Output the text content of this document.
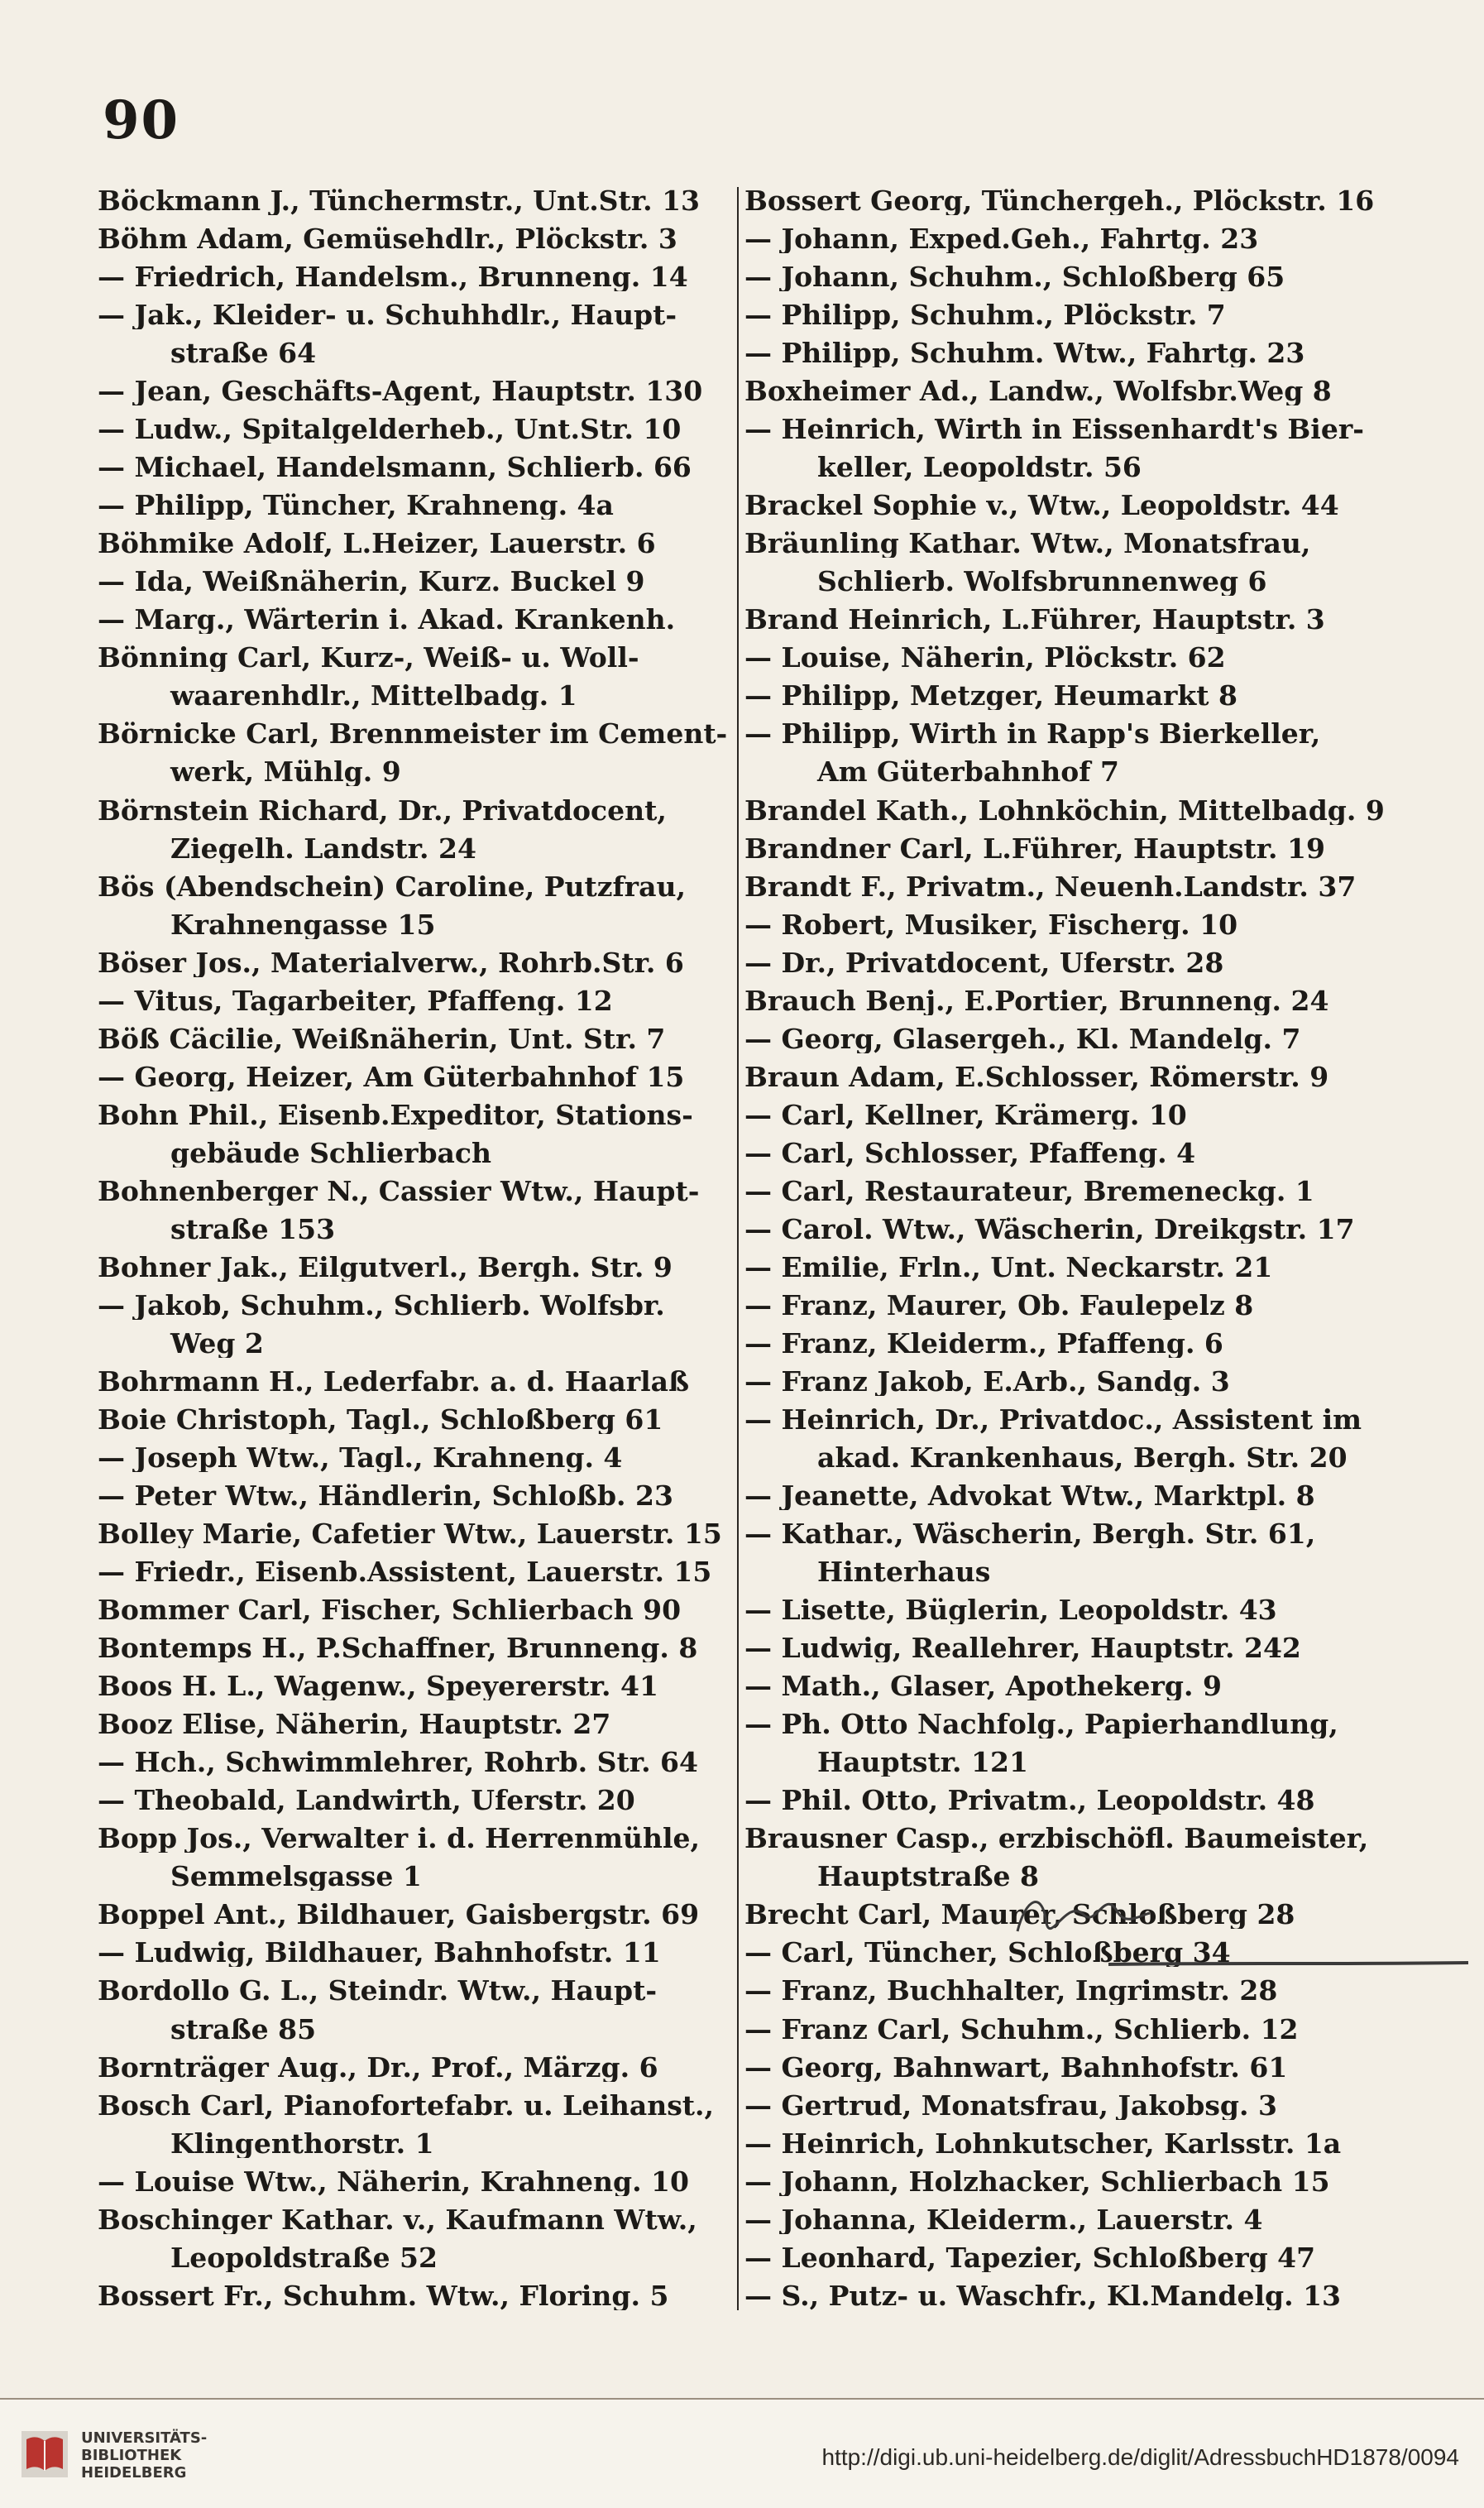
90
Böckmann J., Tünchermstr., Unt.Str. 13
Böhm Adam, Gemüsehdlr., Plöckstr. 3
— Friedrich, Handelsm., Brunneng. 14
— Jak., Kleider- u. Schuhhdlr., Haupt-
straße 64
— Jean, Geschäfts-Agent, Hauptstr. 130
— Ludw., Spitalgelderheb., Unt.Str. 10
— Michael, Handelsmann, Schlierb. 66
— Philipp, Tüncher, Krahneng. 4a
Böhmike Adolf, L.Heizer, Lauerstr. 6
— Ida, Weißnäherin, Kurz. Buckel 9
— Marg., Wärterin i. Akad. Krankenh.
Bönning Carl, Kurz-, Weiß- u. Woll-
waarenhdlr., Mittelbadg. 1
Börnicke Carl, Brennmeister im Cement-
werk, Mühlg. 9
Börnstein Richard, Dr., Privatdocent,
Ziegelh. Landstr. 24
Bös (Abendschein) Caroline, Putzfrau,
Krahnengasse 15
Böser Jos., Materialverw., Rohrb.Str. 6
— Vitus, Tagarbeiter, Pfaffeng. 12
Böß Cäcilie, Weißnäherin, Unt. Str. 7
— Georg, Heizer, Am Güterbahnhof 15
Bohn Phil., Eisenb.Expeditor, Stations-
gebäude Schlierbach
Bohnenberger N., Cassier Wtw., Haupt-
straße 153
Bohner Jak., Eilgutverl., Bergh. Str. 9
— Jakob, Schuhm., Schlierb. Wolfsbr.
Weg 2
Bohrmann H., Lederfabr. a. d. Haarlaß
Boie Christoph, Tagl., Schloßberg 61
— Joseph Wtw., Tagl., Krahneng. 4
— Peter Wtw., Händlerin, Schloßb. 23
Bolley Marie, Cafetier Wtw., Lauerstr. 15
— Friedr., Eisenb.Assistent, Lauerstr. 15
Bommer Carl, Fischer, Schlierbach 90
Bontemps H., P.Schaffner, Brunneng. 8
Boos H. L., Wagenw., Speyererstr. 41
Booz Elise, Näherin, Hauptstr. 27
— Hch., Schwimmlehrer, Rohrb. Str. 64
— Theobald, Landwirth, Uferstr. 20
Bopp Jos., Verwalter i. d. Herrenmühle,
Semmelsgasse 1
Boppel Ant., Bildhauer, Gaisbergstr. 69
— Ludwig, Bildhauer, Bahnhofstr. 11
Bordollo G. L., Steindr. Wtw., Haupt-
straße 85
Bornträger Aug., Dr., Prof., Märzg. 6
Bosch Carl, Pianofortefabr. u. Leihanst.,
Klingenthorstr. 1
— Louise Wtw., Näherin, Krahneng. 10
Boschinger Kathar. v., Kaufmann Wtw.,
Leopoldstraße 52
Bossert Fr., Schuhm. Wtw., Floring. 5
Bossert Georg, Tünchergeh., Plöckstr. 16
— Johann, Exped.Geh., Fahrtg. 23
— Johann, Schuhm., Schloßberg 65
— Philipp, Schuhm., Plöckstr. 7
— Philipp, Schuhm. Wtw., Fahrtg. 23
Boxheimer Ad., Landw., Wolfsbr.Weg 8
— Heinrich, Wirth in Eissenhardt's Bier-
keller, Leopoldstr. 56
Brackel Sophie v., Wtw., Leopoldstr. 44
Bräunling Kathar. Wtw., Monatsfrau,
Schlierb. Wolfsbrunnenweg 6
Brand Heinrich, L.Führer, Hauptstr. 3
— Louise, Näherin, Plöckstr. 62
— Philipp, Metzger, Heumarkt 8
— Philipp, Wirth in Rapp's Bierkeller,
Am Güterbahnhof 7
Brandel Kath., Lohnköchin, Mittelbadg. 9
Brandner Carl, L.Führer, Hauptstr. 19
Brandt F., Privatm., Neuenh.Landstr. 37
— Robert, Musiker, Fischerg. 10
— Dr., Privatdocent, Uferstr. 28
Brauch Benj., E.Portier, Brunneng. 24
— Georg, Glasergeh., Kl. Mandelg. 7
Braun Adam, E.Schlosser, Römerstr. 9
— Carl, Kellner, Krämerg. 10
— Carl, Schlosser, Pfaffeng. 4
— Carl, Restaurateur, Bremeneckg. 1
— Carol. Wtw., Wäscherin, Dreikgstr. 17
— Emilie, Frln., Unt. Neckarstr. 21
— Franz, Maurer, Ob. Faulepelz 8
— Franz, Kleiderm., Pfaffeng. 6
— Franz Jakob, E.Arb., Sandg. 3
— Heinrich, Dr., Privatdoc., Assistent im
akad. Krankenhaus, Bergh. Str. 20
— Jeanette, Advokat Wtw., Marktpl. 8
— Kathar., Wäscherin, Bergh. Str. 61,
Hinterhaus
— Lisette, Büglerin, Leopoldstr. 43
— Ludwig, Reallehrer, Hauptstr. 242
— Math., Glaser, Apothekerg. 9
— Ph. Otto Nachfolg., Papierhandlung,
Hauptstr. 121
— Phil. Otto, Privatm., Leopoldstr. 48
Brausner Casp., erzbischöfl. Baumeister,
Hauptstraße 8
Brecht Carl, Maurer, Schloßberg 28
— Carl, Tüncher, Schloßberg 34
— Franz, Buchhalter, Ingrimstr. 28
— Franz Carl, Schuhm., Schlierb. 12
— Georg, Bahnwart, Bahnhofstr. 61
— Gertrud, Monatsfrau, Jakobsg. 3
— Heinrich, Lohnkutscher, Karlsstr. 1a
— Johann, Holzhacker, Schlierbach 15
— Johanna, Kleiderm., Lauerstr. 4
— Leonhard, Tapezier, Schloßberg 47
— S., Putz- u. Waschfr., Kl.Mandelg. 13
UNIVERSITÄTS-
BIBLIOTHEK
HEIDELBERG
http://digi.ub.uni-heidelberg.de/diglit/AdressbuchHD1878/0094
